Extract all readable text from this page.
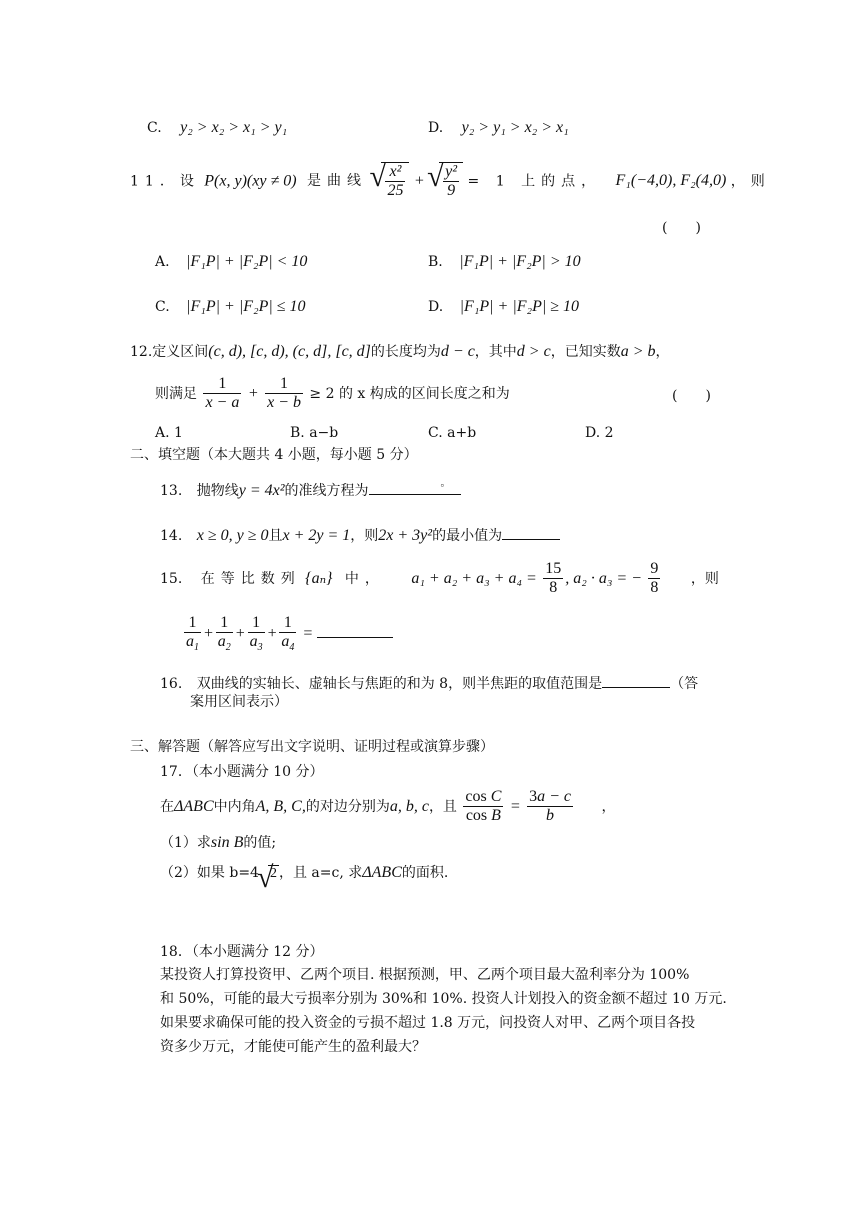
C. y₂ > x₂ > x₁ > y₁	D. y₂ > y₁ > x₂ > x₁
11．设 P(x, y)(xy ≠ 0) 是曲线 √ $\frac{\text{x²}}{25}$ + √ $\frac{\text{y²}}{9} = 1$ 上的点， F₁(−4,0), F₂(4,0) ，则
(　　)
A. |F₁P| + |F₂P| < 10	B. |F₁P| + |F₂P| > 10
C. |F₁P| + |F₂P| ≤ 10	D. |F₁P| + |F₂P| ≥ 10
12.定义区间(c, d), [c, d), (c, d], [c, d]的长度均为d − c，其中d > c，已知实数a > b，
则满足 $\frac{1}{x - a} + \frac{1}{x - b} \ge 2$ 的 x 构成的区间长度之和为	(　　)
A. 1	B. a−b	C. a+b	D. 2
二、填空题（本大题共 4 小题，每小题 5 分）
13. 抛物线y = 4x²的准线方程为	。
14. x ≥ 0, y ≥ 0且x + 2y = 1，则2x + 3y²的最小值为
15. 在等比数列 {aₙ} 中， $a_1 + a_2 + a_3 + a_4 = \frac{15}{8}$ , a₂ · a₃ = − $\frac{9}{8}$ ，则
$\frac{1}{a_1} + \frac{1}{a_2} + \frac{1}{a_3} + \frac{1}{a_4}$ =
16. 双曲线的实轴长、虚轴长与焦距的和为 8，则半焦距的取值范围是	（答
案用区间表示）
三、解答题（解答应写出文字说明、证明过程或演算步骤）
17．（本小题满分 10 分）
在ΔABC中内角A, B, C,的对边分别为a, b, c，且 $\frac{\text{cos C}}{\text{cos B}} = \frac{3a - c}{b}$ ，
（1）求sin B的值;
（2）如果 b=4 √ 2 ，且 a=c, 求ΔABC的面积.
18．（本小题满分 12 分）
某投资人打算投资甲、乙两个项目. 根据预测，甲、乙两个项目最大盈利率分为 100%
和 50%，可能的最大亏损率分别为 30%和 10%. 投资人计划投入的资金额不超过 10 万元.
如果要求确保可能的投入资金的亏损不超过 1.8 万元，问投资人对甲、乙两个项目各投
资多少万元，才能使可能产生的盈利最大？
